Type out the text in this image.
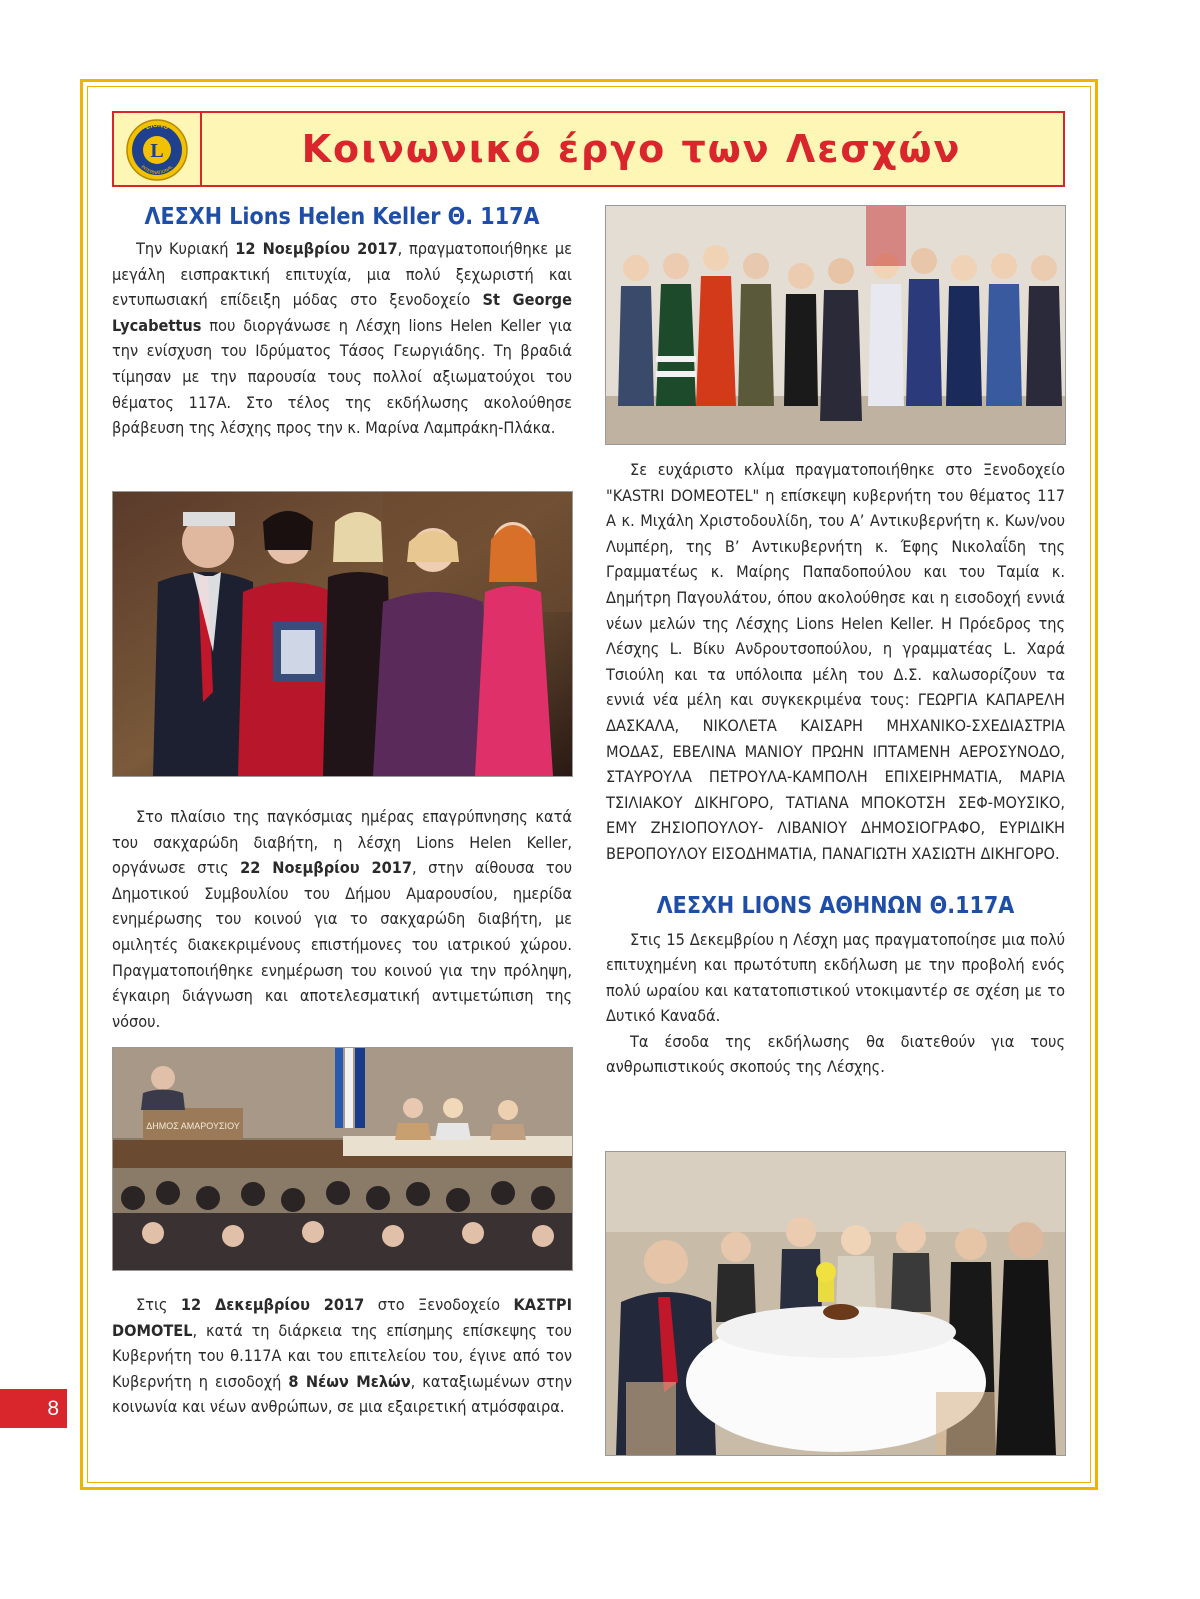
L
LIONS
INTERNATIONAL	Κοινωνικό έργο των Λεσχών
ΛΕΣΧΗ Lions Helen Keller Θ. 117Α

Την Κυριακή 12 Νοεμβρίου 2017, πραγματοποιήθηκε με μεγάλη εισπρακτική επιτυχία, μια πολύ ξεχωριστή και εντυπωσιακή επίδειξη μόδας στο ξενοδοχείο St George Lycabettus που διοργάνωσε η Λέσχη lions Helen Keller για την ενίσχυση του Ιδρύματος Τάσος Γεωργιάδης. Τη βραδιά τίμησαν με την παρουσία τους πολλοί αξιωματούχοι του θέματος 117Α. Στο τέλος της εκδήλωσης ακολούθησε βράβευση της λέσχης προς την κ. Μαρίνα Λαμπράκη-Πλάκα.

Στο πλαίσιο της παγκόσμιας ημέρας επαγρύπνησης κατά του σακχαρώδη διαβήτη, η λέσχη Lions Helen Keller, οργάνωσε στις 22 Νοεμβρίου 2017, στην αίθουσα του Δημοτικού Συμβουλίου του Δήμου Αμαρουσίου, ημερίδα ενημέρωσης του κοινού για το σακχαρώδη διαβήτη, με ομιλητές διακεκριμένους επιστήμονες του ιατρικού χώρου. Πραγματοποιήθηκε ενημέρωση του κοινού για την πρόληψη, έγκαιρη διάγνωση και αποτελεσματική αντιμετώπιση της νόσου.

ΔΗΜΟΣ ΑΜΑΡΟΥΣΙΟΥ

Στις 12 Δεκεμβρίου 2017 στο Ξενοδοχείο ΚΑΣΤΡΙ DOMOTEL, κατά τη διάρκεια της επίσημης επίσκεψης του Κυβερνήτη του θ.117Α και του επιτελείου του, έγινε από τον Κυβερνήτη η εισοδοχή 8 Νέων Μελών, καταξιωμένων στην κοινωνία και νέων ανθρώπων, σε μια εξαιρετική ατμόσφαιρα.

Σε ευχάριστο κλίμα πραγματοποιήθηκε στο Ξενοδοχείο "KASTRI DOMEOTEL" η επίσκεψη κυβερνήτη του θέματος 117 Α κ. Μιχάλη Χριστοδουλίδη, του Α’ Αντικυβερνήτη κ. Κων/νου Λυμπέρη, της Β’ Αντικυβερνήτη κ. Έφης Νικολαΐδη της Γραμματέως κ. Μαίρης Παπαδοπούλου και του Ταμία κ. Δημήτρη Παγουλάτου, όπου ακολούθησε και η εισοδοχή εννιά νέων μελών της Λέσχης Lions Helen Keller. Η Πρόεδρος της Λέσχης L. Βίκυ Ανδρουτσοπούλου, η γραμματέας L. Χαρά Τσιούλη και τα υπόλοιπα μέλη του Δ.Σ. καλωσορίζουν τα εννιά νέα μέλη και συγκεκριμένα τους: ΓΕΩΡΓΙΑ ΚΑΠΑΡΕΛΗ ΔΑΣΚΑΛΑ, ΝΙΚΟΛΕΤΑ ΚΑΙΣΑΡΗ ΜΗΧΑΝΙΚΟ-ΣΧΕΔΙΑΣΤΡΙΑ ΜΟΔΑΣ, ΕΒΕΛΙΝΑ ΜΑΝΙΟΥ ΠΡΩΗΝ ΙΠΤΑΜΕΝΗ ΑΕΡΟΣΥΝΟΔΟ, ΣΤΑΥΡΟΥΛΑ ΠΕΤΡΟΥΛΑ-ΚΑΜΠΟΛΗ ΕΠΙΧΕΙΡΗΜΑΤΙΑ, ΜΑΡΙΑ ΤΣΙΛΙΑΚΟΥ ΔΙΚΗΓΟΡΟ, ΤΑΤΙΑΝΑ ΜΠΟΚΟΤΣΗ ΣΕΦ-ΜΟΥΣΙΚΟ, ΕΜΥ ΖΗΣΙΟΠΟΥΛΟΥ- ΛΙΒΑΝΙΟΥ ΔΗΜΟΣΙΟΓΡΑΦΟ, ΕΥΡΙΔΙΚΗ ΒΕΡΟΠΟΥΛΟΥ ΕΙΣΟΔΗΜΑΤΙΑ, ΠΑΝΑΓΙΩΤΗ ΧΑΣΙΩΤΗ ΔΙΚΗΓΟΡΟ.

ΛΕΣΧΗ LIONS ΑΘΗΝΩΝ Θ.117Α

Στις 15 Δεκεμβρίου η Λέσχη μας πραγματοποίησε μια πολύ επιτυχημένη και πρωτότυπη εκδήλωση με την προβολή ενός πολύ ωραίου και κατατοπιστικού ντοκιμαντέρ σε σχέση με το Δυτικό Καναδά.

Τα έσοδα της εκδήλωσης θα διατεθούν για τους ανθρωπιστικούς σκοπούς της Λέσχης.

8
